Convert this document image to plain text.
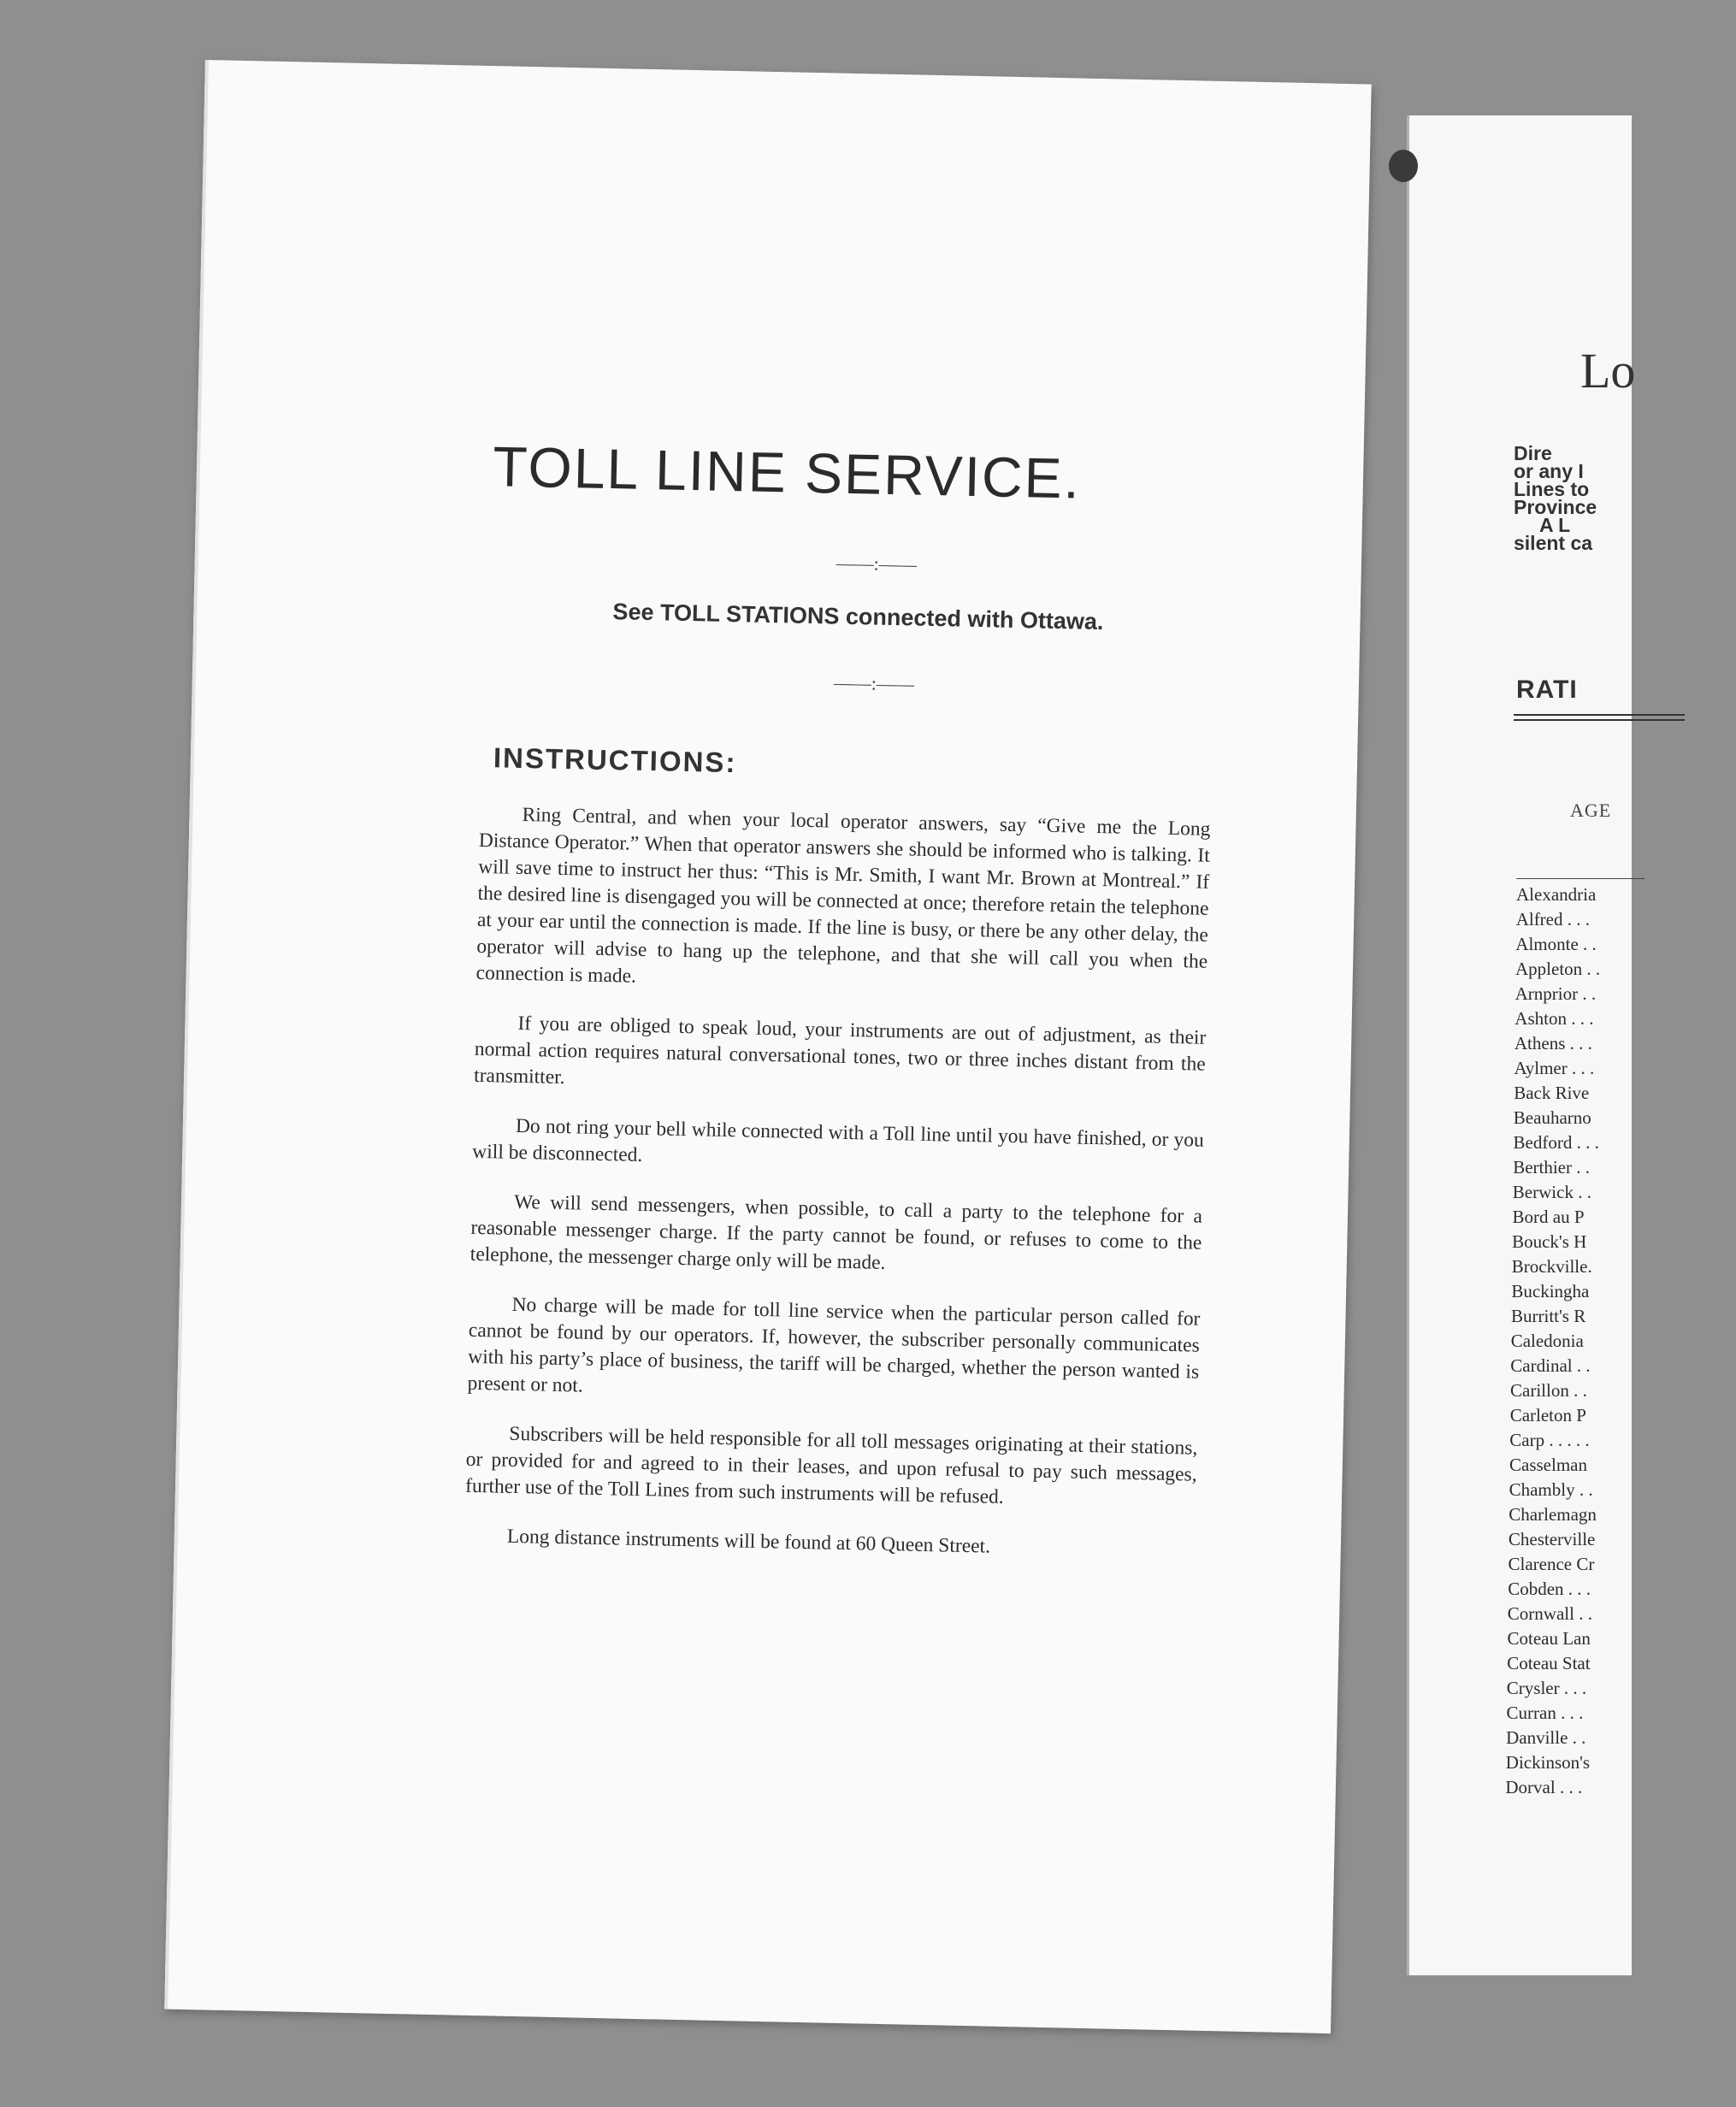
TOLL LINE SERVICE.
——:——
See TOLL STATIONS connected with Ottawa.
——:——
INSTRUCTIONS:

Ring Central, and when your local operator answers, say “Give me the Long Distance Operator.” When that operator answers she should be informed who is talking. It will save time to instruct her thus: “This is Mr. Smith, I want Mr. Brown at Montreal.” If the desired line is disengaged you will be connected at once; therefore retain the telephone at your ear until the connection is made. If the line is busy, or there be any other delay, the operator will advise to hang up the telephone, and that she will call you when the connection is made.

If you are obliged to speak loud, your instruments are out of adjustment, as their normal action requires natural conversational tones, two or three inches distant from the transmitter.

Do not ring your bell while connected with a Toll line until you have finished, or you will be disconnected.

We will send messengers, when possible, to call a party to the telephone for a reasonable messenger charge. If the party cannot be found, or refuses to come to the telephone, the messenger charge only will be made.

No charge will be made for toll line service when the particular person called for cannot be found by our operators. If, however, the subscriber personally communicates with his party’s place of business, the tariff will be charged, whether the person wanted is present or not.

Subscribers will be held responsible for all toll messages originating at their stations, or provided for and agreed to in their leases, and upon refusal to pay such messages, further use of the Toll Lines from such instruments will be refused.

Long distance instruments will be found at 60 Queen Street.

Lo
Dire
or any I
Lines to
Province
A L
silent ca
RATI
AGE
Alexandria
Alfred . . .
Almonte . .
Appleton . .
Arnprior . .
Ashton . . .
Athens . . .
Aylmer . . .
Back Rive
Beauharno
Bedford . . .
Berthier . .
Berwick . .
Bord au P
Bouck's H
Brockville.
Buckingha
Burritt's R
Caledonia
Cardinal . .
Carillon . .
Carleton P
Carp . . . . .
Casselman
Chambly . .
Charlemagn
Chesterville
Clarence Cr
Cobden . . .
Cornwall . .
Coteau Lan
Coteau Stat
Crysler . . .
Curran . . .
Danville . .
Dickinson's
Dorval . . .
